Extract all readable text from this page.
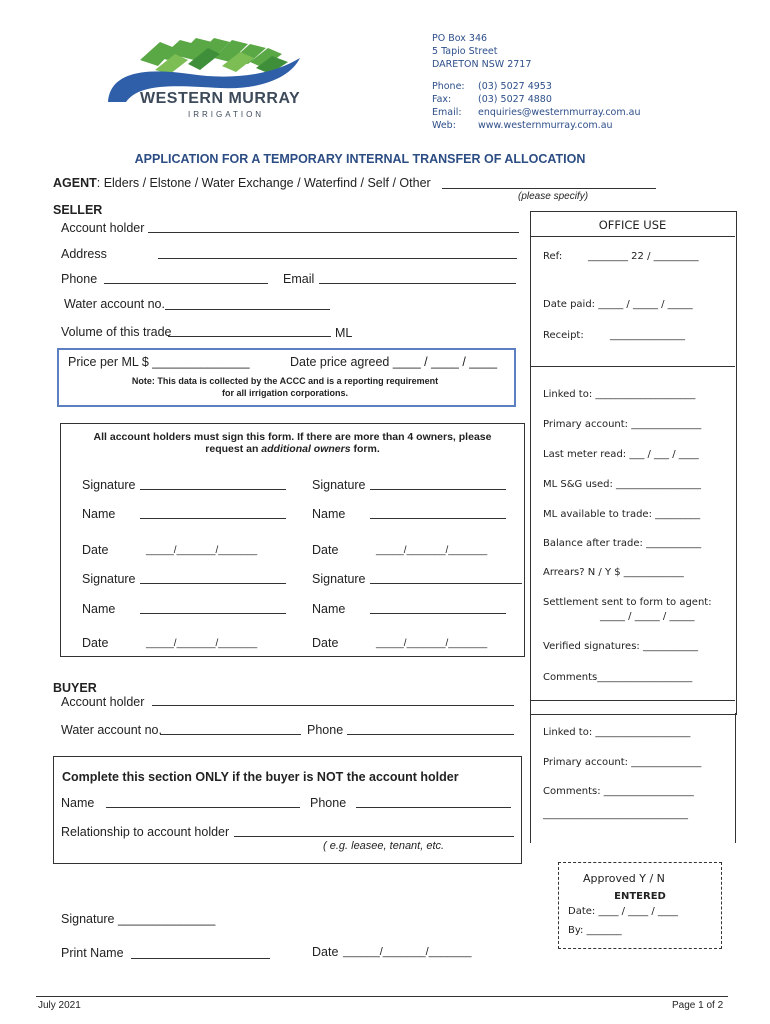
WESTERN MURRAY
IRRIGATION
PO Box 346
5 Tapio Street
DARETON NSW 2717
Phone: (03) 5027 4953
Fax:	(03) 5027 4880
Email: enquiries@westernmurray.com.au
Web: www.westernmurray.com.au
APPLICATION FOR A TEMPORARY INTERNAL TRANSFER OF ALLOCATION
AGENT: Elders / Elstone / Water Exchange / Waterfind / Self / Other
(please specify)
SELLER
Account holder
Address
Phone	Email
Water account no.
Volume of this trade	ML
Price per ML $ ______________	Date price agreed ____ / ____ / ____
Note: This data is collected by the ACCC and is a reporting requirement
for all irrigation corporations.
All account holders must sign this form. If there are more than 4 owners, please
request an additional owners form.
Signature
Name
Date	_____/_______/_______
Signature
Name
Date	_____/_______/_______
Signature
Name
Date	_____/_______/_______
Signature
Name
Date	_____/_______/_______
OFFICE USE
Ref:	________ 22 / _________
Date paid: _____ / _____ / _____
Receipt:	_______________
Linked to: ____________________
Primary account: ______________
Last meter read: ___ / ___ / ____
ML S&G used: _________________
ML available to trade: _________
Balance after trade: ___________
Arrears? N / Y $ ____________
Settlement sent to form to agent:
_____ / _____ / _____
Verified signatures: ___________
Comments___________________
Linked to: ___________________
Primary account: ______________
Comments: __________________
_____________________________
Approved Y / N
ENTERED
Date: ____ / ____ / ____
By: _______
BUYER
Account holder
Water account no.	Phone
Complete this section ONLY if the buyer is NOT the account holder
Name	Phone
Relationship to account holder
( e.g. leasee, tenant, etc.
Signature ______________
Print Name	Date ______/_______/_______
July 2021	Page 1 of 2
